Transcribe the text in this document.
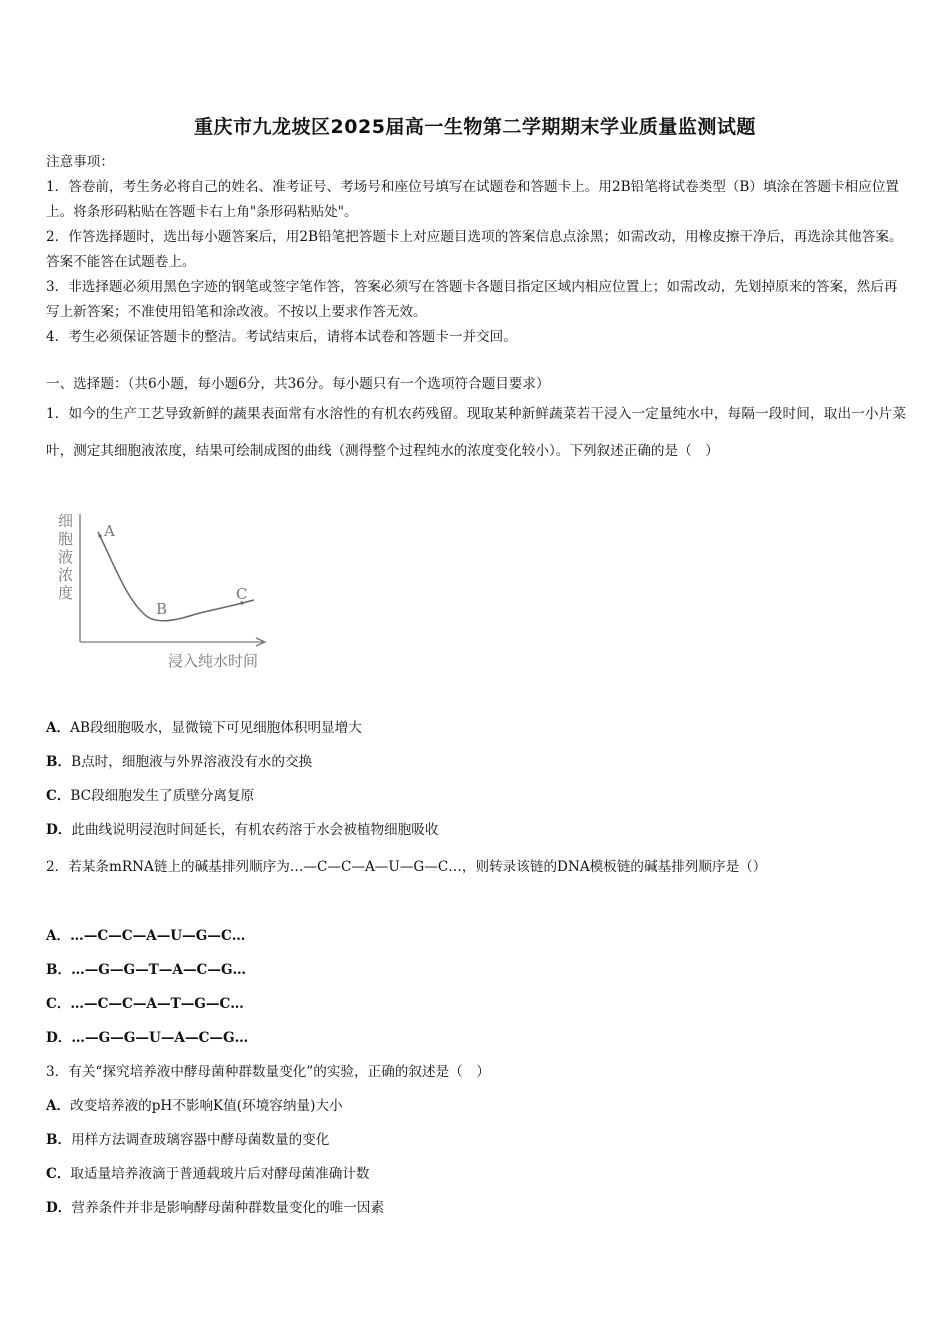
重庆市九龙坡区2025届高一生物第二学期期末学业质量监测试题

注意事项：

1．答卷前，考生务必将自己的姓名、准考证号、考场号和座位号填写在试题卷和答题卡上。用2B铅笔将试卷类型（B）填涂在答题卡相应位置上。将条形码粘贴在答题卡右上角"条形码粘贴处"。

2．作答选择题时，选出每小题答案后，用2B铅笔把答题卡上对应题目选项的答案信息点涂黑；如需改动，用橡皮擦干净后，再选涂其他答案。答案不能答在试题卷上。

3．非选择题必须用黑色字迹的钢笔或签字笔作答，答案必须写在答题卡各题目指定区域内相应位置上；如需改动，先划掉原来的答案，然后再写上新答案；不准使用铅笔和涂改液。不按以上要求作答无效。

4．考生必须保证答题卡的整洁。考试结束后，请将本试卷和答题卡一并交回。

一、选择题：（共6小题，每小题6分，共36分。每小题只有一个选项符合题目要求）
1．如今的生产工艺导致新鲜的蔬果表面常有水溶性的有机农药残留。现取某种新鲜蔬菜若干浸入一定量纯水中，每隔一段时间，取出一小片菜叶，测定其细胞液浓度，结果可绘制成图的曲线（测得整个过程纯水的浓度变化较小）。下列叙述正确的是（　）
细 胞 液 浓 度
浸入纯水时间
A
B
C
A．AB段细胞吸水，显微镜下可见细胞体积明显增大
B．B点时，细胞液与外界溶液没有水的交换
C．BC段细胞发生了质壁分离复原
D．此曲线说明浸泡时间延长，有机农药溶于水会被植物细胞吸收
2．若某条mRNA链上的碱基排列顺序为…—C—C—A—U—G—C…，则转录该链的DNA模板链的碱基排列顺序是（）
A．…—C—C—A—U—G—C…
B．…—G—G—T—A—C—G…
C．…—C—C—A—T—G—C…
D．…—G—G—U—A—C—G…
3．有关“探究培养液中酵母菌种群数量变化”的实验，正确的叙述是（　）
A．改变培养液的pH不影响K值(环境容纳量)大小
B．用样方法调查玻璃容器中酵母菌数量的变化
C．取适量培养液滴于普通载玻片后对酵母菌准确计数
D．营养条件并非是影响酵母菌种群数量变化的唯一因素
